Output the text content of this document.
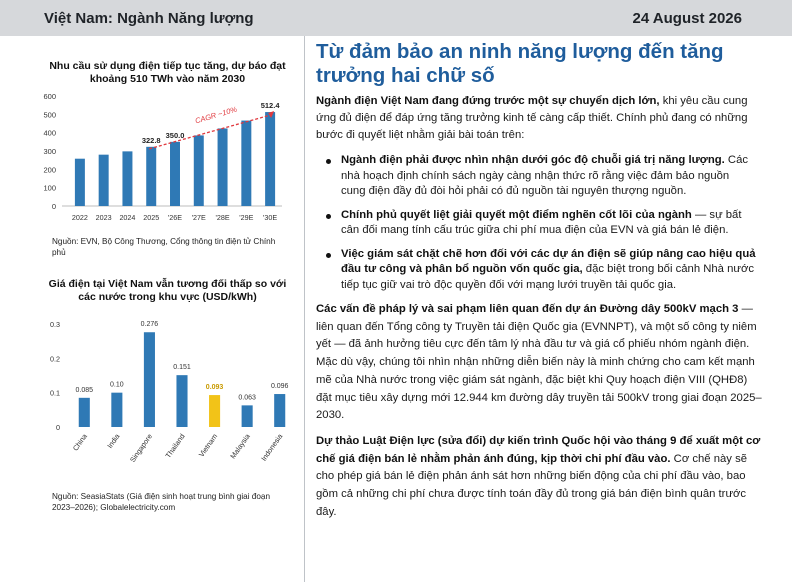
Việt Nam: Ngành Năng lượng	24 August 2026
Nhu cầu sử dụng điện tiếp tục tăng, dự báo đạt khoảng 510 TWh vào năm 2030
0
100
200
300
400
500
600
2022 2023 2024 2025
322.8
'26E
350.0
'27E '28E '29E '30E
512.4
CAGR ~10%
Nguồn: EVN, Bộ Công Thương, Cổng thông tin điện tử Chính phủ
Giá điện tại Việt Nam vẫn tương đối thấp so với các nước trong khu vực (USD/kWh)
0
0.1
0.2
0.3
0.085
China
0.10
India
0.276
Singapore
0.151
Thailand
0.093
Vietnam
0.063
Malaysia
0.096
Indonesia
Nguồn: SeasiaStats (Giá điện sinh hoạt trung bình giai đoạn 2023–2026); Globalelectricity.com
Từ đảm bảo an ninh năng lượng đến tăng trưởng hai chữ số

Ngành điện Việt Nam đang đứng trước một sự chuyển dịch lớn, khi yêu cầu cung ứng đủ điện để đáp ứng tăng trưởng kinh tế càng cấp thiết. Chính phủ đang có những bước đi quyết liệt nhằm giải bài toán trên:

Ngành điện phải được nhìn nhận dưới góc độ chuỗi giá trị năng lượng. Các nhà hoạch định chính sách ngày càng nhận thức rõ rằng việc đảm bảo nguồn cung điện đầy đủ đòi hỏi phải có đủ nguồn tài nguyên thượng nguồn.
Chính phủ quyết liệt giải quyết một điểm nghẽn cốt lõi của ngành — sự bất cân đối mang tính cấu trúc giữa chi phí mua điện của EVN và giá bán lẻ điện.
Việc giám sát chặt chẽ hơn đối với các dự án điện sẽ giúp nâng cao hiệu quả đầu tư công và phân bổ nguồn vốn quốc gia, đặc biệt trong bối cảnh Nhà nước tiếp tục giữ vai trò độc quyền đối với mạng lưới truyền tải quốc gia.

Các vấn đề pháp lý và sai phạm liên quan đến dự án Đường dây 500kV mạch 3 — liên quan đến Tổng công ty Truyền tải điện Quốc gia (EVNNPT), và một số công ty niêm yết — đã ảnh hưởng tiêu cực đến tâm lý nhà đầu tư và giá cổ phiếu nhóm ngành điện. Mặc dù vậy, chúng tôi nhìn nhận những diễn biến này là minh chứng cho cam kết mạnh mẽ của Nhà nước trong việc giám sát ngành, đặc biệt khi Quy hoạch điện VIII (QHĐ8) đặt mục tiêu xây dựng mới 12.944 km đường dây truyền tải 500kV trong giai đoạn 2025–2030.

Dự thảo Luật Điện lực (sửa đổi) dự kiến trình Quốc hội vào tháng 9 để xuất một cơ chế giá điện bán lẻ nhằm phản ánh đúng, kịp thời chi phí đầu vào. Cơ chế này sẽ cho phép giá bán lẻ điện phản ánh sát hơn những biến động của chi phí đầu vào, bao gồm cả những chi phí chưa được tính toán đầy đủ trong giá bán điện bình quân trước đây.
